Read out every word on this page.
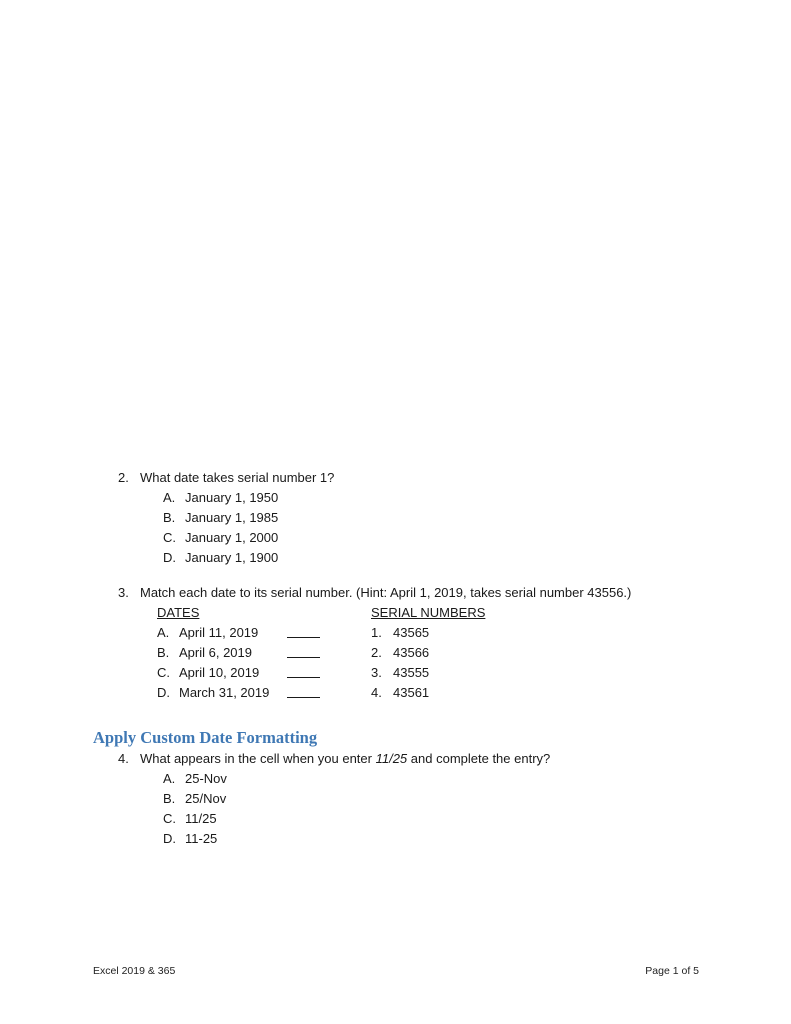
2. What date takes serial number 1?
A. January 1, 1950
B. January 1, 1985
C. January 1, 2000
D. January 1, 1900
3. Match each date to its serial number. (Hint: April 1, 2019, takes serial number 43556.)
DATES	SERIAL NUMBERS
A. April 11, 2019
B. April 6, 2019
C. April 10, 2019
D. March 31, 2019
1. 43565
2. 43566
3. 43555
4. 43561
Apply Custom Date Formatting
4. What appears in the cell when you enter 11/25 and complete the entry?
A. 25-Nov
B. 25/Nov
C. 11/25
D. 11-25
Excel 2019 & 365	Page 1 of 5
